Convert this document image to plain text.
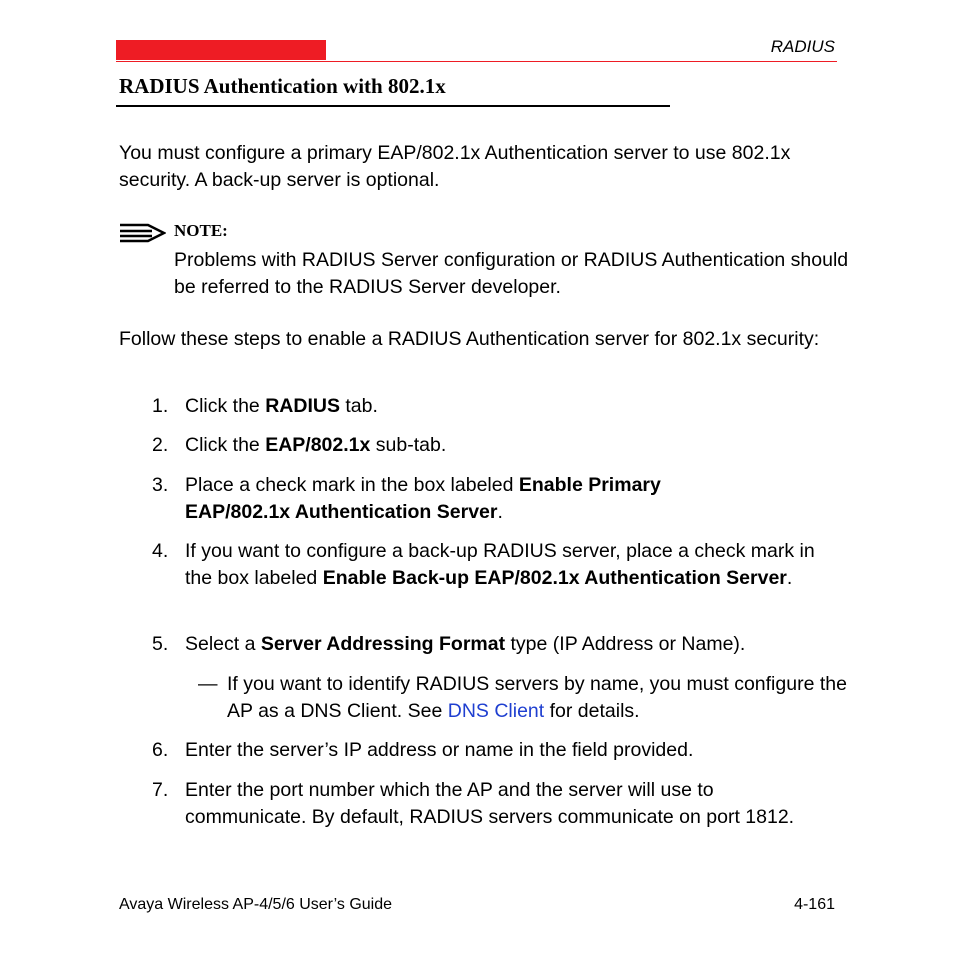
RADIUS
RADIUS Authentication with 802.1x

You must configure a primary EAP/802.1x Authentication server to use 802.1x security. A back-up server is optional.

NOTE:

Problems with RADIUS Server configuration or RADIUS Authentication should be referred to the RADIUS Server developer.

Follow these steps to enable a RADIUS Authentication server for 802.1x security:

1. Click the RADIUS tab.
2. Click the EAP/802.1x sub-tab.
3. Place a check mark in the box labeled Enable Primary EAP/802.1x Authentication Server.
4. If you want to configure a back-up RADIUS server, place a check mark in the box labeled Enable Back-up EAP/802.1x Authentication Server.
5. Select a Server Addressing Format type (IP Address or Name).
— If you want to identify RADIUS servers by name, you must configure the AP as a DNS Client. See DNS Client for details.
6. Enter the server’s IP address or name in the field provided.
7. Enter the port number which the AP and the server will use to communicate. By default, RADIUS servers communicate on port 1812.
Avaya Wireless AP-4/5/6 User’s Guide	4-161
